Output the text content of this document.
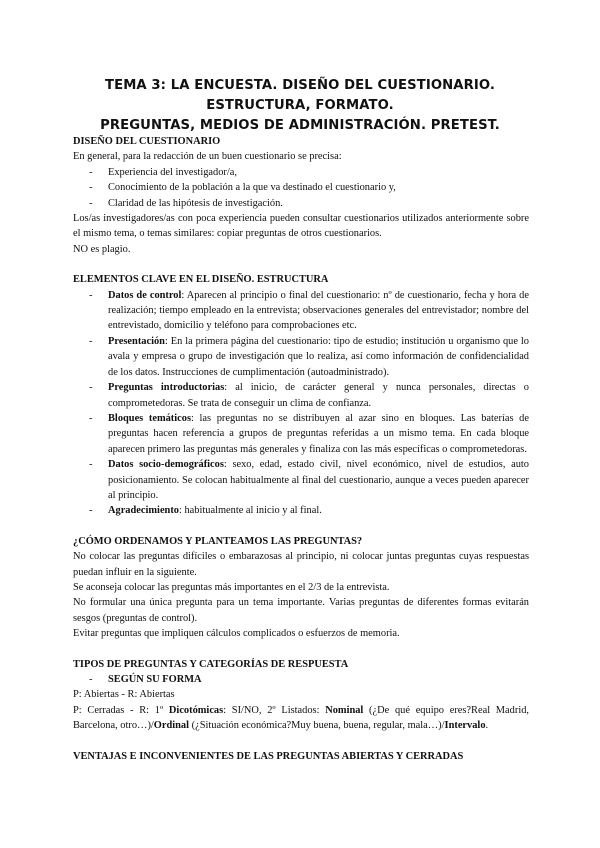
TEMA 3: LA ENCUESTA. DISEÑO DEL CUESTIONARIO. ESTRUCTURA, FORMATO.
PREGUNTAS, MEDIOS DE ADMINISTRACIÓN. PRETEST.

DISEÑO DEL CUESTIONARIO

En general, para la redacción de un buen cuestionario se precisa:

- Experiencia del investigador/a,
- Conocimiento de la población a la que va destinado el cuestionario y,
- Claridad de las hipótesis de investigación.

Los/as investigadores/as con poca experiencia pueden consultar cuestionarios utilizados anteriormente sobre el mismo tema, o temas similares: copiar preguntas de otros cuestionarios.

NO es plagio.

ELEMENTOS CLAVE EN EL DISEÑO. ESTRUCTURA

- Datos de control: Aparecen al principio o final del cuestionario: nº de cuestionario, fecha y hora de realización; tiempo empleado en la entrevista; observaciones generales del entrevistador; nombre del entrevistado, domicilio y teléfono para comprobaciones etc.
- Presentación: En la primera página del cuestionario: tipo de estudio; institución u organismo que lo avala y empresa o grupo de investigación que lo realiza, así como información de confidencialidad de los datos. Instrucciones de cumplimentación (autoadministrado).
- Preguntas introductorias: al inicio, de carácter general y nunca personales, directas o comprometedoras. Se trata de conseguir un clima de confianza.
- Bloques temáticos: las preguntas no se distribuyen al azar sino en bloques. Las baterías de preguntas hacen referencia a grupos de preguntas referidas a un mismo tema. En cada bloque aparecen primero las preguntas más generales y finaliza con las más específicas o comprometedoras.
- Datos socio-demográficos: sexo, edad, estado civil, nivel económico, nivel de estudios, auto posicionamiento. Se colocan habitualmente al final del cuestionario, aunque a veces pueden aparecer al principio.
- Agradecimiento: habitualmente al inicio y al final.

¿CÓMO ORDENAMOS Y PLANTEAMOS LAS PREGUNTAS?

No colocar las preguntas difíciles o embarazosas al principio, ni colocar juntas preguntas cuyas respuestas puedan influir en la siguiente.

Se aconseja colocar las preguntas más importantes en el 2/3 de la entrevista.

No formular una única pregunta para un tema importante. Varias preguntas de diferentes formas evitarán sesgos (preguntas de control).

Evitar preguntas que impliquen cálculos complicados o esfuerzos de memoria.

TIPOS DE PREGUNTAS Y CATEGORÍAS DE RESPUESTA

- SEGÚN SU FORMA

P: Abiertas - R: Abiertas

P: Cerradas - R: 1º Dicotómicas: SI/NO, 2º Listados: Nominal (¿De qué equipo eres?Real Madrid, Barcelona, otro…)/Ordinal (¿Situación económica?Muy buena, buena, regular, mala…)/Intervalo.

VENTAJAS E INCONVENIENTES DE LAS PREGUNTAS ABIERTAS Y CERRADAS
